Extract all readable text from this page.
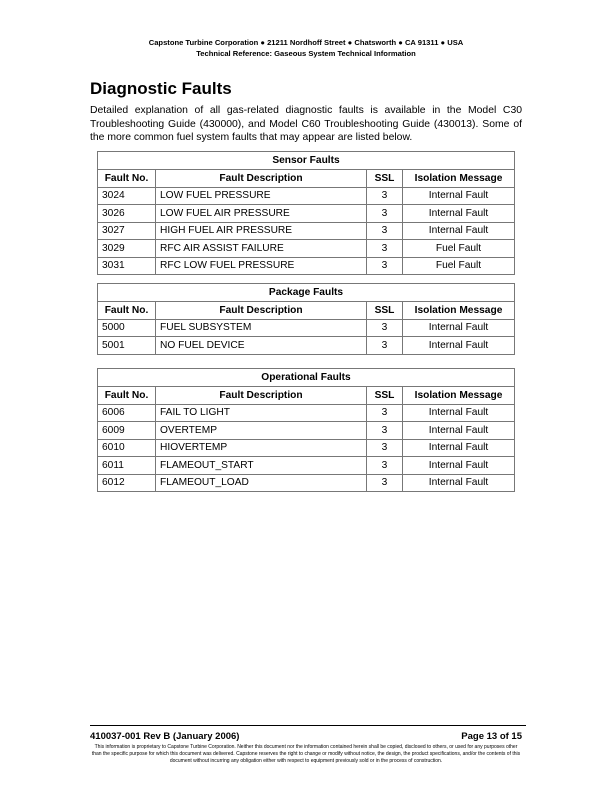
Capstone Turbine Corporation ● 21211 Nordhoff Street ● Chatsworth ● CA 91311 ● USA
Technical Reference: Gaseous System Technical Information
Diagnostic Faults

Detailed explanation of all gas-related diagnostic faults is available in the Model C30 Troubleshooting Guide (430000), and Model C60 Troubleshooting Guide (430013). Some of the more common fuel system faults that may appear are listed below.

Sensor Faults			
Fault No.	Fault Description	SSL	Isolation Message
3024	LOW FUEL PRESSURE	3	Internal Fault
3026	LOW FUEL AIR PRESSURE	3	Internal Fault
3027	HIGH FUEL AIR PRESSURE	3	Internal Fault
3029	RFC AIR ASSIST FAILURE	3	Fuel Fault
3031	RFC LOW FUEL PRESSURE	3	Fuel Fault
Package Faults			
Fault No.	Fault Description	SSL	Isolation Message
5000	FUEL SUBSYSTEM	3	Internal Fault
5001	NO FUEL DEVICE	3	Internal Fault
Operational Faults			
Fault No.	Fault Description	SSL	Isolation Message
6006	FAIL TO LIGHT	3	Internal Fault
6009	OVERTEMP	3	Internal Fault
6010	HIOVERTEMP	3	Internal Fault
6011	FLAMEOUT_START	3	Internal Fault
6012	FLAMEOUT_LOAD	3	Internal Fault
410037-001 Rev B (January 2006)	Page 13 of 15
This information is proprietary to Capstone Turbine Corporation. Neither this document nor the information contained herein shall be copied, disclosed to others, or used for any purposes other than the specific purpose for which this document was delivered. Capstone reserves the right to change or modify without notice, the design, the product specifications, and/or the contents of this document without incurring any obligation either with respect to equipment previously sold or in the process of construction.
